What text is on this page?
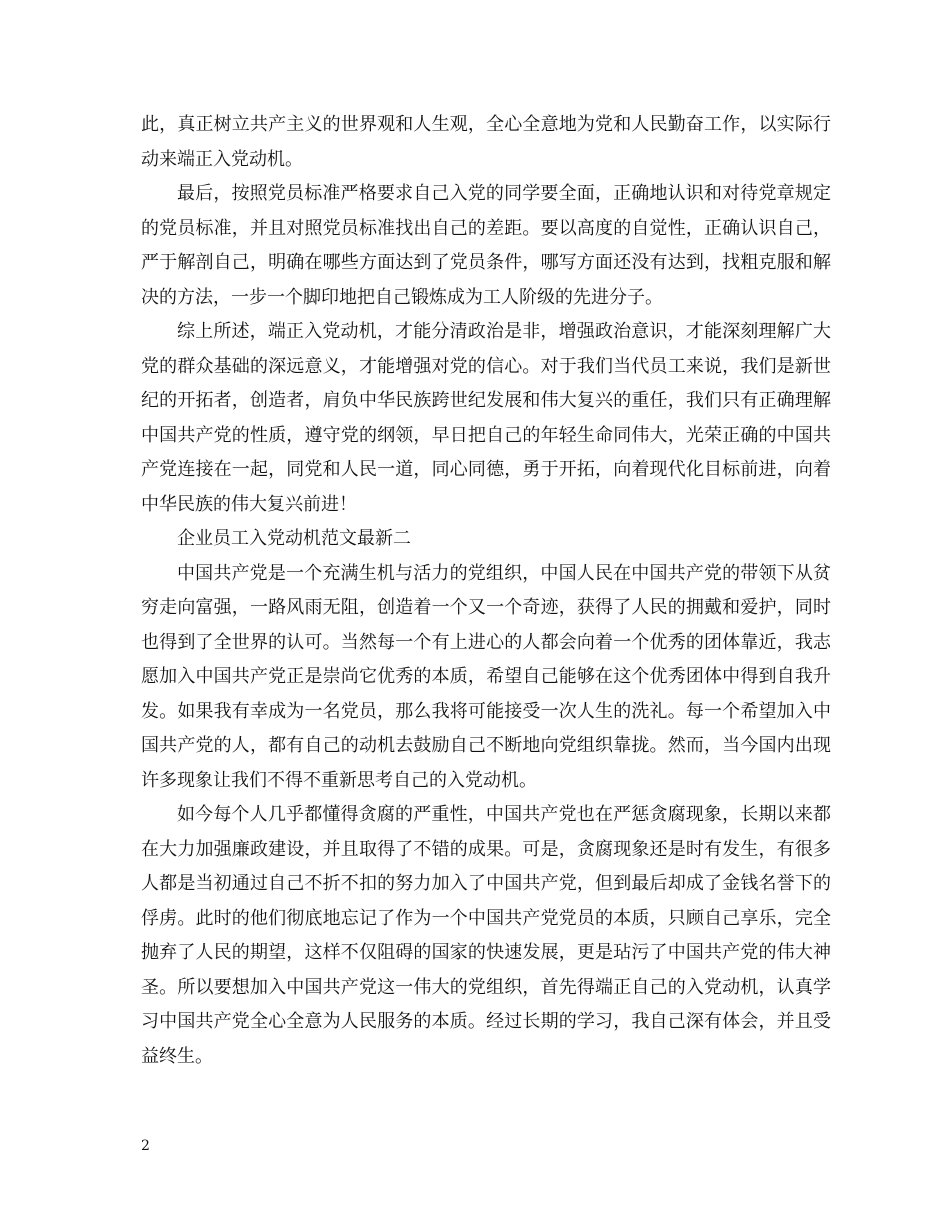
此，真正树立共产主义的世界观和人生观，全心全意地为党和人民勤奋工作，以实际行动来端正入党动机。

最后，按照党员标准严格要求自己入党的同学要全面，正确地认识和对待党章规定的党员标准，并且对照党员标准找出自己的差距。要以高度的自觉性，正确认识自己，严于解剖自己，明确在哪些方面达到了党员条件，哪写方面还没有达到，找粗克服和解决的方法，一步一个脚印地把自己锻炼成为工人阶级的先进分子。

综上所述，端正入党动机，才能分清政治是非，增强政治意识，才能深刻理解广大党的群众基础的深远意义，才能增强对党的信心。对于我们当代员工来说，我们是新世纪的开拓者，创造者，肩负中华民族跨世纪发展和伟大复兴的重任，我们只有正确理解中国共产党的性质，遵守党的纲领，早日把自己的年轻生命同伟大，光荣正确的中国共产党连接在一起，同党和人民一道，同心同德，勇于开拓，向着现代化目标前进，向着中华民族的伟大复兴前进！

企业员工入党动机范文最新二

中国共产党是一个充满生机与活力的党组织，中国人民在中国共产党的带领下从贫穷走向富强，一路风雨无阻，创造着一个又一个奇迹，获得了人民的拥戴和爱护，同时也得到了全世界的认可。当然每一个有上进心的人都会向着一个优秀的团体靠近，我志愿加入中国共产党正是崇尚它优秀的本质，希望自己能够在这个优秀团体中得到自我升发。如果我有幸成为一名党员，那么我将可能接受一次人生的洗礼。每一个希望加入中国共产党的人，都有自己的动机去鼓励自己不断地向党组织靠拢。然而，当今国内出现许多现象让我们不得不重新思考自己的入党动机。

如今每个人几乎都懂得贪腐的严重性，中国共产党也在严惩贪腐现象，长期以来都在大力加强廉政建设，并且取得了不错的成果。可是，贪腐现象还是时有发生，有很多人都是当初通过自己不折不扣的努力加入了中国共产党，但到最后却成了金钱名誉下的俘虏。此时的他们彻底地忘记了作为一个中国共产党党员的本质，只顾自己享乐，完全抛弃了人民的期望，这样不仅阻碍的国家的快速发展，更是玷污了中国共产党的伟大神圣。所以要想加入中国共产党这一伟大的党组织，首先得端正自己的入党动机，认真学习中国共产党全心全意为人民服务的本质。经过长期的学习，我自己深有体会，并且受益终生。

2
